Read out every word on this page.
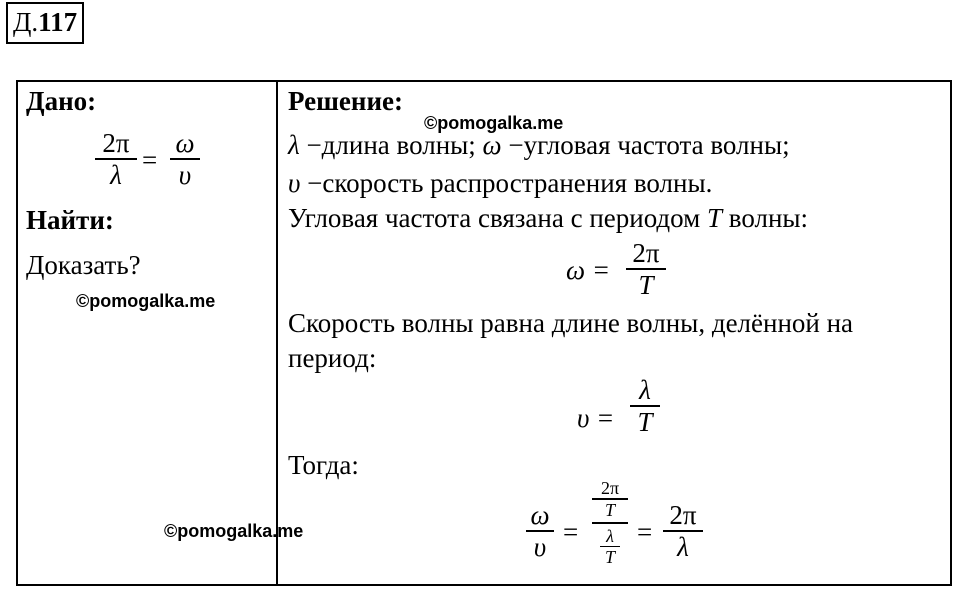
Д.117
Дано:
2π
λ =
ω
υ
Найти:
Доказать?
©pomogalka.me
Решение:
©pomogalka.me
λ −длина волны; ω −угловая частота волны;
υ −скорость распространения волны.
Угловая частота связана с периодом T волны:
ω =
2π
T
Скорость волны равна длине волны, делённой на
период:
υ =
λ
T
Тогда:
ω
υ =
2π
T
λ
T
=
2π
λ
©pomogalka.me
